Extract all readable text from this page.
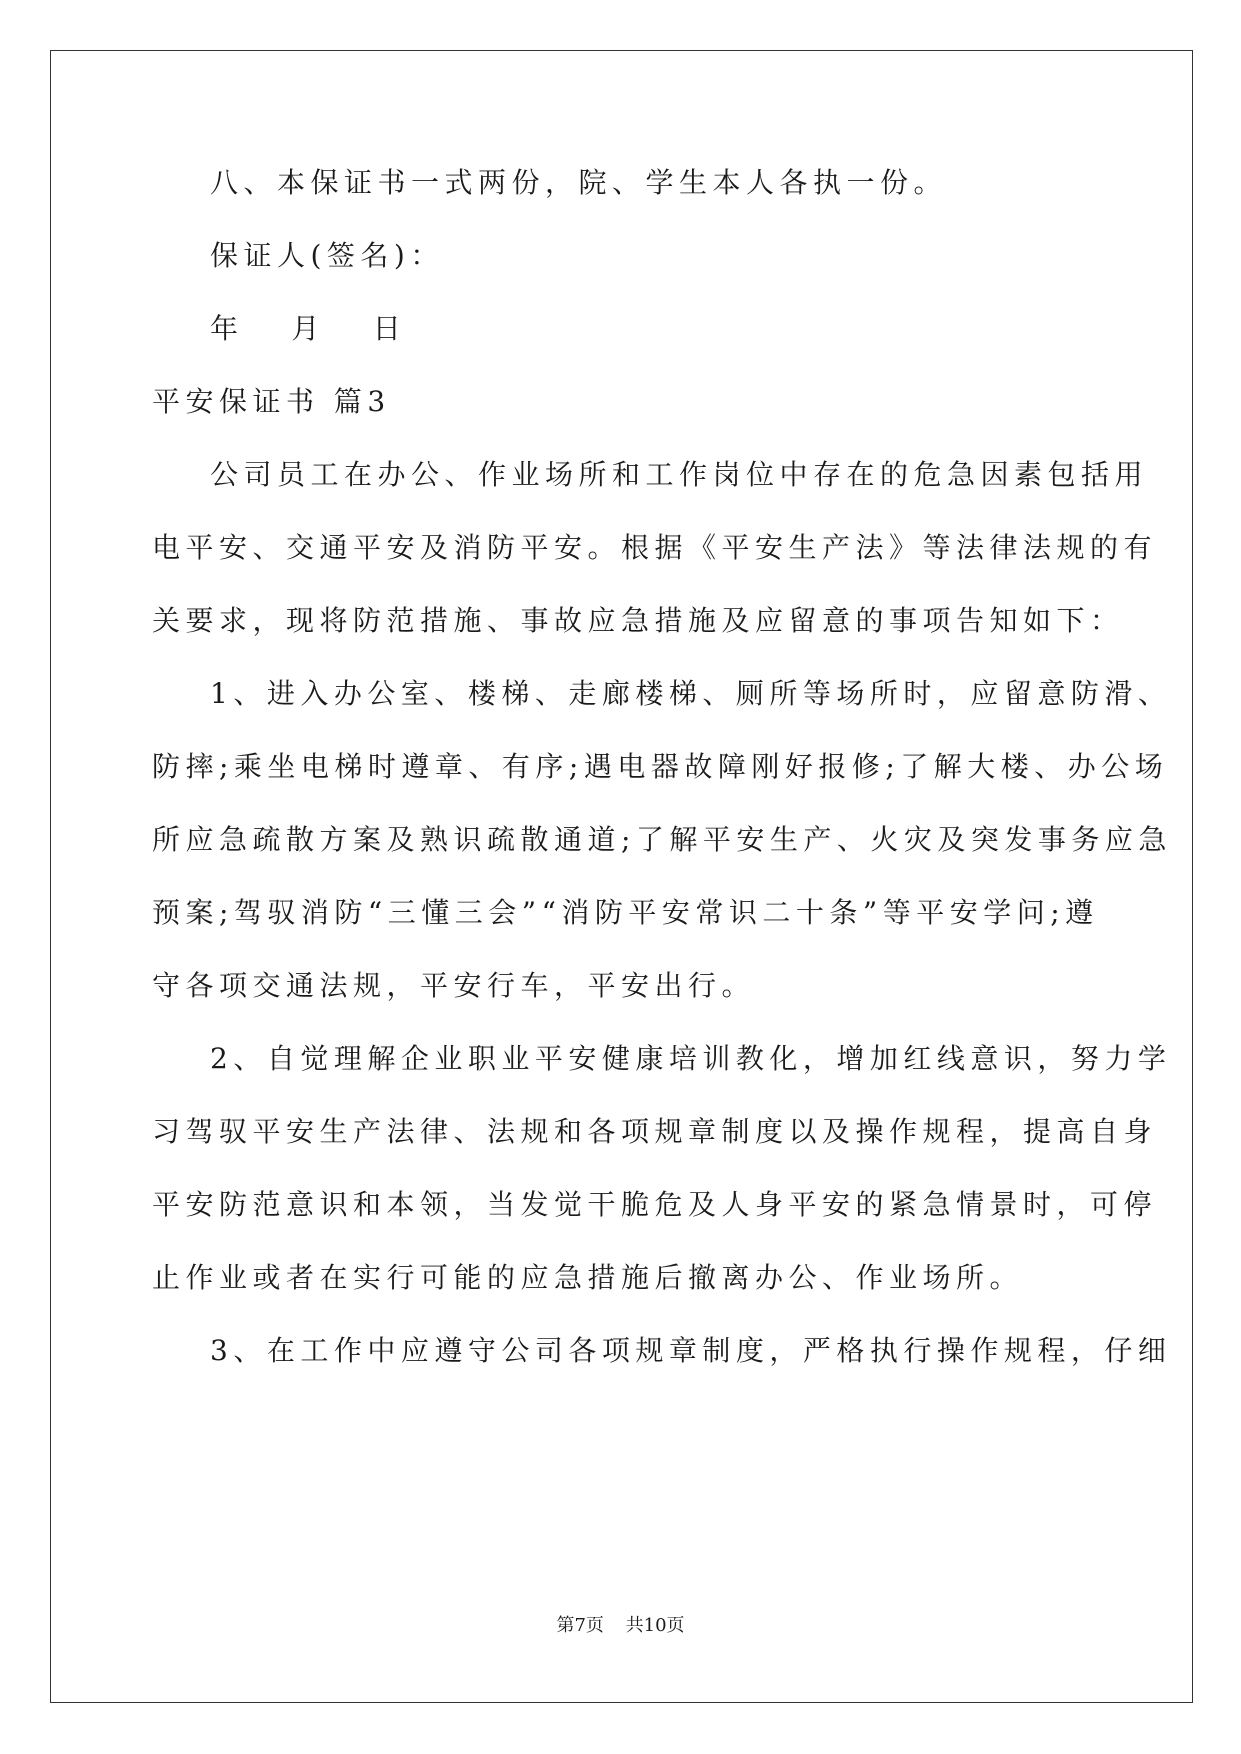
八、本保证书一式两份，院、学生本人各执一份。
保证人(签名)：
年　 月　 日
平安保证书 篇3
公司员工在办公、作业场所和工作岗位中存在的危急因素包括用
电平安、交通平安及消防平安。根据《平安生产法》等法律法规的有
关要求，现将防范措施、事故应急措施及应留意的事项告知如下：
1、进入办公室、楼梯、走廊楼梯、厕所等场所时，应留意防滑、
防摔;乘坐电梯时遵章、有序;遇电器故障刚好报修;了解大楼、办公场
所应急疏散方案及熟识疏散通道;了解平安生产、火灾及突发事务应急
预案;驾驭消防“三懂三会”“消防平安常识二十条”等平安学问;遵
守各项交通法规，平安行车，平安出行。
2、自觉理解企业职业平安健康培训教化，增加红线意识，努力学
习驾驭平安生产法律、法规和各项规章制度以及操作规程，提高自身
平安防范意识和本领，当发觉干脆危及人身平安的紧急情景时，可停
止作业或者在实行可能的应急措施后撤离办公、作业场所。
3、在工作中应遵守公司各项规章制度，严格执行操作规程，仔细
第7页 共10页
